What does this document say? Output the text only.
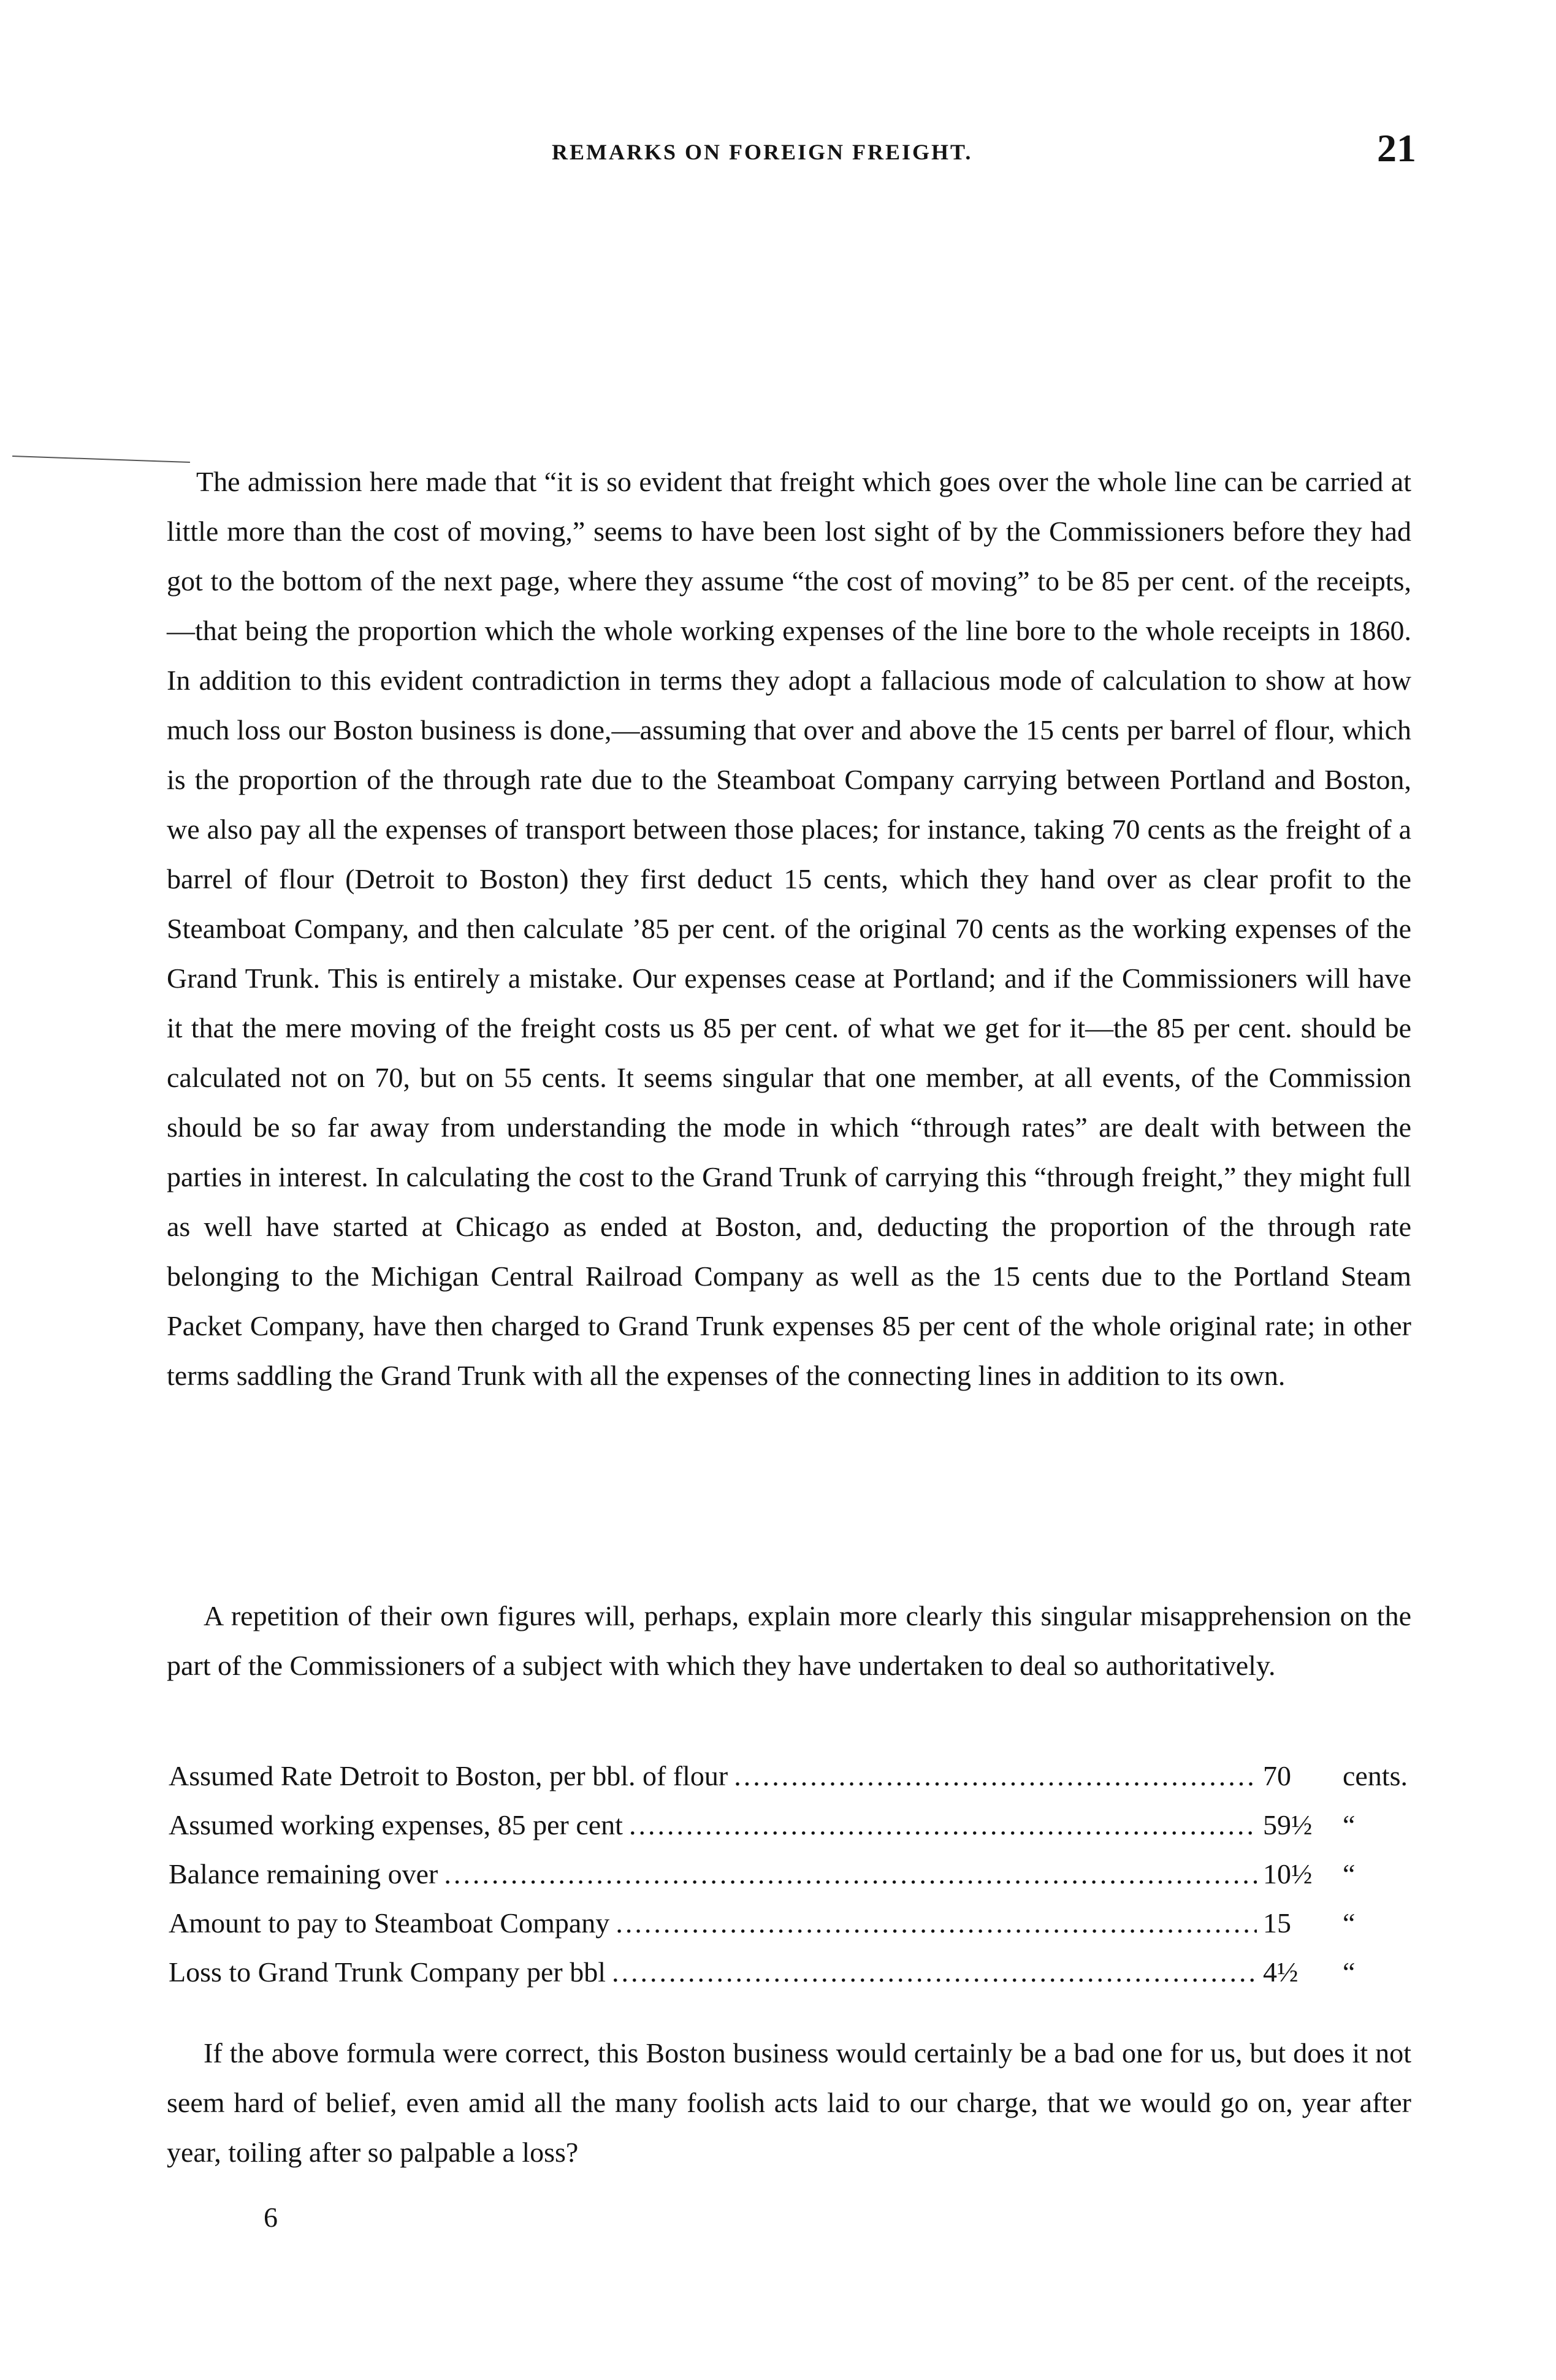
REMARKS ON FOREIGN FREIGHT.	21

The admission here made that “it is so evident that freight which goes over the whole line can be carried at little more than the cost of moving,” seems to have been lost sight of by the Commissioners before they had got to the bottom of the next page, where they assume “the cost of moving” to be 85 per cent. of the receipts,—that being the proportion which the whole working expenses of the line bore to the whole receipts in 1860. In addition to this evident contradiction in terms they adopt a fallacious mode of calculation to show at how much loss our Boston business is done,—assuming that over and above the 15 cents per barrel of flour, which is the proportion of the through rate due to the Steamboat Company carrying between Portland and Boston, we also pay all the expenses of transport between those places; for instance, taking 70 cents as the freight of a barrel of flour (Detroit to Boston) they first deduct 15 cents, which they hand over as clear profit to the Steamboat Company, and then calculate ’85 per cent. of the original 70 cents as the working expenses of the Grand Trunk. This is entirely a mistake. Our expenses cease at Portland; and if the Commissioners will have it that the mere moving of the freight costs us 85 per cent. of what we get for it—the 85 per cent. should be calculated not on 70, but on 55 cents. It seems singular that one member, at all events, of the Commission should be so far away from understanding the mode in which “through rates” are dealt with between the parties in interest. In calculating the cost to the Grand Trunk of carrying this “through freight,” they might full as well have started at Chicago as ended at Boston, and, deducting the proportion of the through rate belonging to the Michigan Central Railroad Company as well as the 15 cents due to the Portland Steam Packet Company, have then charged to Grand Trunk expenses 85 per cent of the whole original rate; in other terms saddling the Grand Trunk with all the expenses of the connecting lines in addition to its own.

A repetition of their own figures will, perhaps, explain more clearly this singular misapprehension on the part of the Commissioners of a subject with which they have undertaken to deal so authoritatively.

Assumed Rate Detroit to Boston, per bbl. of flour .....	70	cents.
Assumed working expenses, 85 per cent .....	59½	“
Balance remaining over .....	10½	“
Amount to pay to Steamboat Company .....	15	“
Loss to Grand Trunk Company per bbl .....	4½	“

If the above formula were correct, this Boston business would certainly be a bad one for us, but does it not seem hard of belief, even amid all the many foolish acts laid to our charge, that we would go on, year after year, toiling after so palpable a loss?

6
